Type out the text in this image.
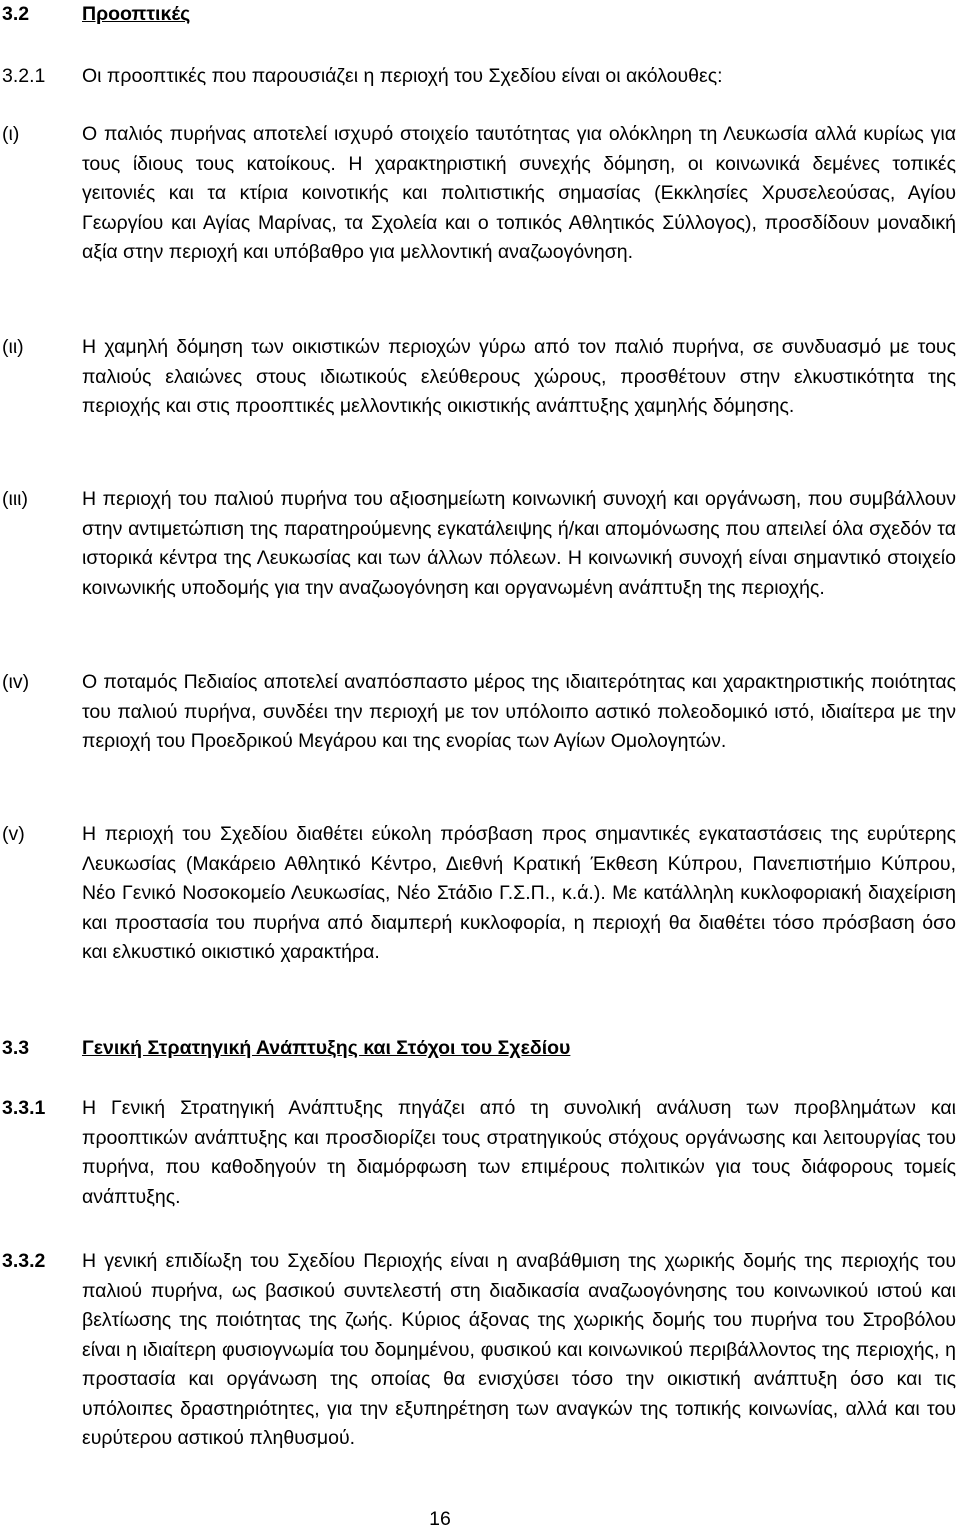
3.2	Προοπτικές
3.2.1 Οι προοπτικές που παρουσιάζει η περιοχή του Σχεδίου είναι οι ακόλουθες:
(ι)	Ο παλιός πυρήνας αποτελεί ισχυρό στοιχείο ταυτότητας για ολόκληρη τη Λευκωσία αλλά κυρίως για τους ίδιους τους κατοίκους. Η χαρακτηριστική συνεχής δόμηση, οι κοινωνικά δεμένες τοπικές γειτονιές και τα κτίρια κοινοτικής και πολιτιστικής σημασίας (Εκκλησίες Χρυσελεούσας, Αγίου Γεωργίου και Αγίας Μαρίνας, τα Σχολεία και ο τοπικός Αθλητικός Σύλλογος), προσδίδουν μοναδική αξία στην περιοχή και υπόβαθρο για μελλοντική αναζωογόνηση.
(ιι)	Η χαμηλή δόμηση των οικιστικών περιοχών γύρω από τον παλιό πυρήνα, σε συνδυασμό με τους παλιούς ελαιώνες στους ιδιωτικούς ελεύθερους χώρους, προσθέτουν στην ελκυστικότητα της περιοχής και στις προοπτικές μελλοντικής οικιστικής ανάπτυξης χαμηλής δόμησης.
(ιιι)	Η περιοχή του παλιού πυρήνα του αξιοσημείωτη κοινωνική συνοχή και οργάνωση, που συμβάλλουν στην αντιμετώπιση της παρατηρούμενης εγκατάλειψης ή/και απομόνωσης που απειλεί όλα σχεδόν τα ιστορικά κέντρα της Λευκωσίας και των άλλων πόλεων. Η κοινωνική συνοχή είναι σημαντικό στοιχείο κοινωνικής υποδομής για την αναζωογόνηση και οργανωμένη ανάπτυξη της περιοχής.
(ιv)	Ο ποταμός Πεδιαίος αποτελεί αναπόσπαστο μέρος της ιδιαιτερότητας και χαρακτηριστικής ποιότητας του παλιού πυρήνα, συνδέει την περιοχή με τον υπόλοιπο αστικό πολεοδομικό ιστό, ιδιαίτερα με την περιοχή του Προεδρικού Μεγάρου και της ενορίας των Αγίων Ομολογητών.
(v)	Η περιοχή του Σχεδίου διαθέτει εύκολη πρόσβαση προς σημαντικές εγκαταστάσεις της ευρύτερης Λευκωσίας (Μακάρειο Αθλητικό Κέντρο, Διεθνή Κρατική Έκθεση Κύπρου, Πανεπιστήμιο Κύπρου, Νέο Γενικό Νοσοκομείο Λευκωσίας, Νέο Στάδιο Γ.Σ.Π., κ.ά.). Με κατάλληλη κυκλοφοριακή διαχείριση και προστασία του πυρήνα από διαμπερή κυκλοφορία, η περιοχή θα διαθέτει τόσο πρόσβαση όσο και ελκυστικό οικιστικό χαρακτήρα.
3.3	Γενική Στρατηγική Ανάπτυξης και Στόχοι του Σχεδίου
3.3.1 Η Γενική Στρατηγική Ανάπτυξης πηγάζει από τη συνολική ανάλυση των προβλημάτων και προοπτικών ανάπτυξης και προσδιορίζει τους στρατηγικούς στόχους οργάνωσης και λειτουργίας του πυρήνα, που καθοδηγούν τη διαμόρφωση των επιμέρους πολιτικών για τους διάφορους τομείς ανάπτυξης.
3.3.2 Η γενική επιδίωξη του Σχεδίου Περιοχής είναι η αναβάθμιση της χωρικής δομής της περιοχής του παλιού πυρήνα, ως βασικού συντελεστή στη διαδικασία αναζωογόνησης του κοινωνικού ιστού και βελτίωσης της ποιότητας της ζωής. Κύριος άξονας της χωρικής δομής του πυρήνα του Στροβόλου είναι η ιδιαίτερη φυσιογνωμία του δομημένου, φυσικού και κοινωνικού περιβάλλοντος της περιοχής, η προστασία και οργάνωση της οποίας θα ενισχύσει τόσο την οικιστική ανάπτυξη όσο και τις υπόλοιπες δραστηριότητες, για την εξυπηρέτηση των αναγκών της τοπικής κοινωνίας, αλλά και του ευρύτερου αστικού πληθυσμού.
16
